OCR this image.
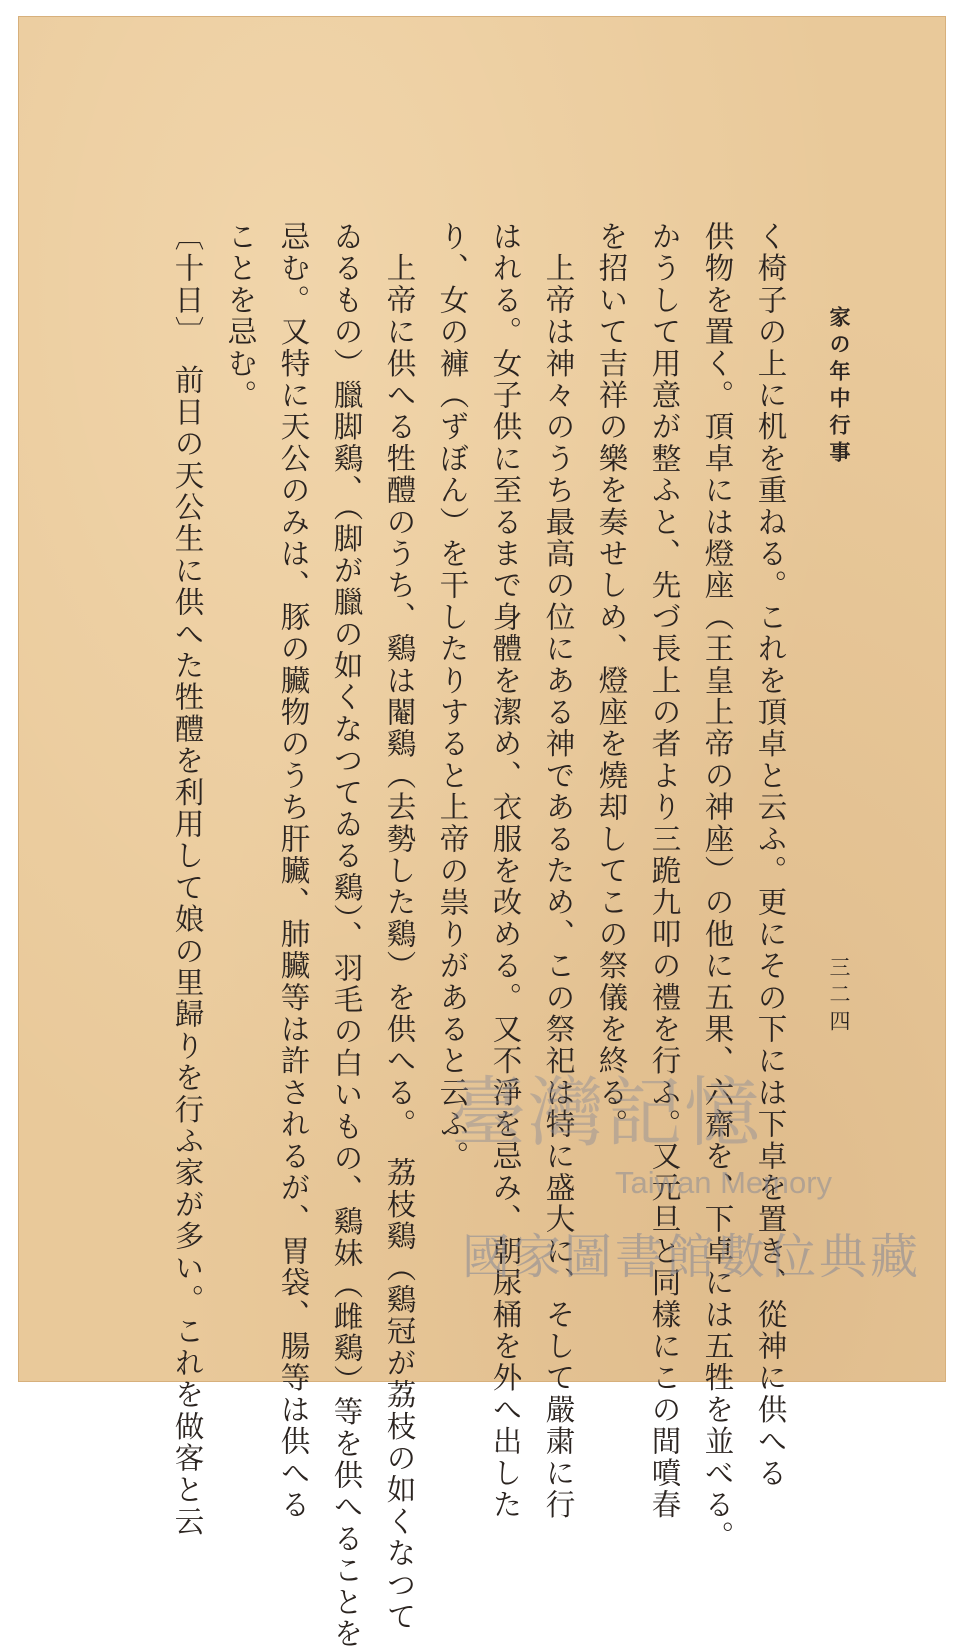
家の年中行事
三二四
く椅子の上に机を重ねる。これを頂卓と云ふ。更にその下には下卓を置き、從神に供へる
供物を置く。頂卓には燈座（王皇上帝の神座）の他に五果、六齋を、下卓には五牲を並べる。
かうして用意が整ふと、先づ長上の者より三跪九叩の禮を行ふ。又元旦と同樣にこの間噴春
を招いて吉祥の樂を奏せしめ、燈座を燒却してこの祭儀を終る。
　上帝は神々のうち最高の位にある神であるため、この祭祀は特に盛大に、そして嚴粛に行
はれる。女子供に至るまで身體を潔め、衣服を改める。又不淨を忌み、朝尿桶を外へ出した
り、女の褲（ずぼん）を干したりすると上帝の祟りがあると云ふ。
　上帝に供へる牲醴のうち、鷄は閹鷄（去勢した鷄）を供へる。　荔枝鷄（鷄冠が荔枝の如くなつて
ゐるもの）臘脚鷄、（脚が臘の如くなつてゐる鷄）、羽毛の白いもの、鷄妹（雌鷄）等を供へることを
忌む。又特に天公のみは、豚の臟物のうち肝臟、肺臟等は許されるが、胃袋、腸等は供へる
ことを忌む。
〔十日〕　前日の天公生に供へた牲醴を利用して娘の里歸りを行ふ家が多い。これを做客と云	臺灣記憶
Taiwan Memory
國家圖書館數位典藏
